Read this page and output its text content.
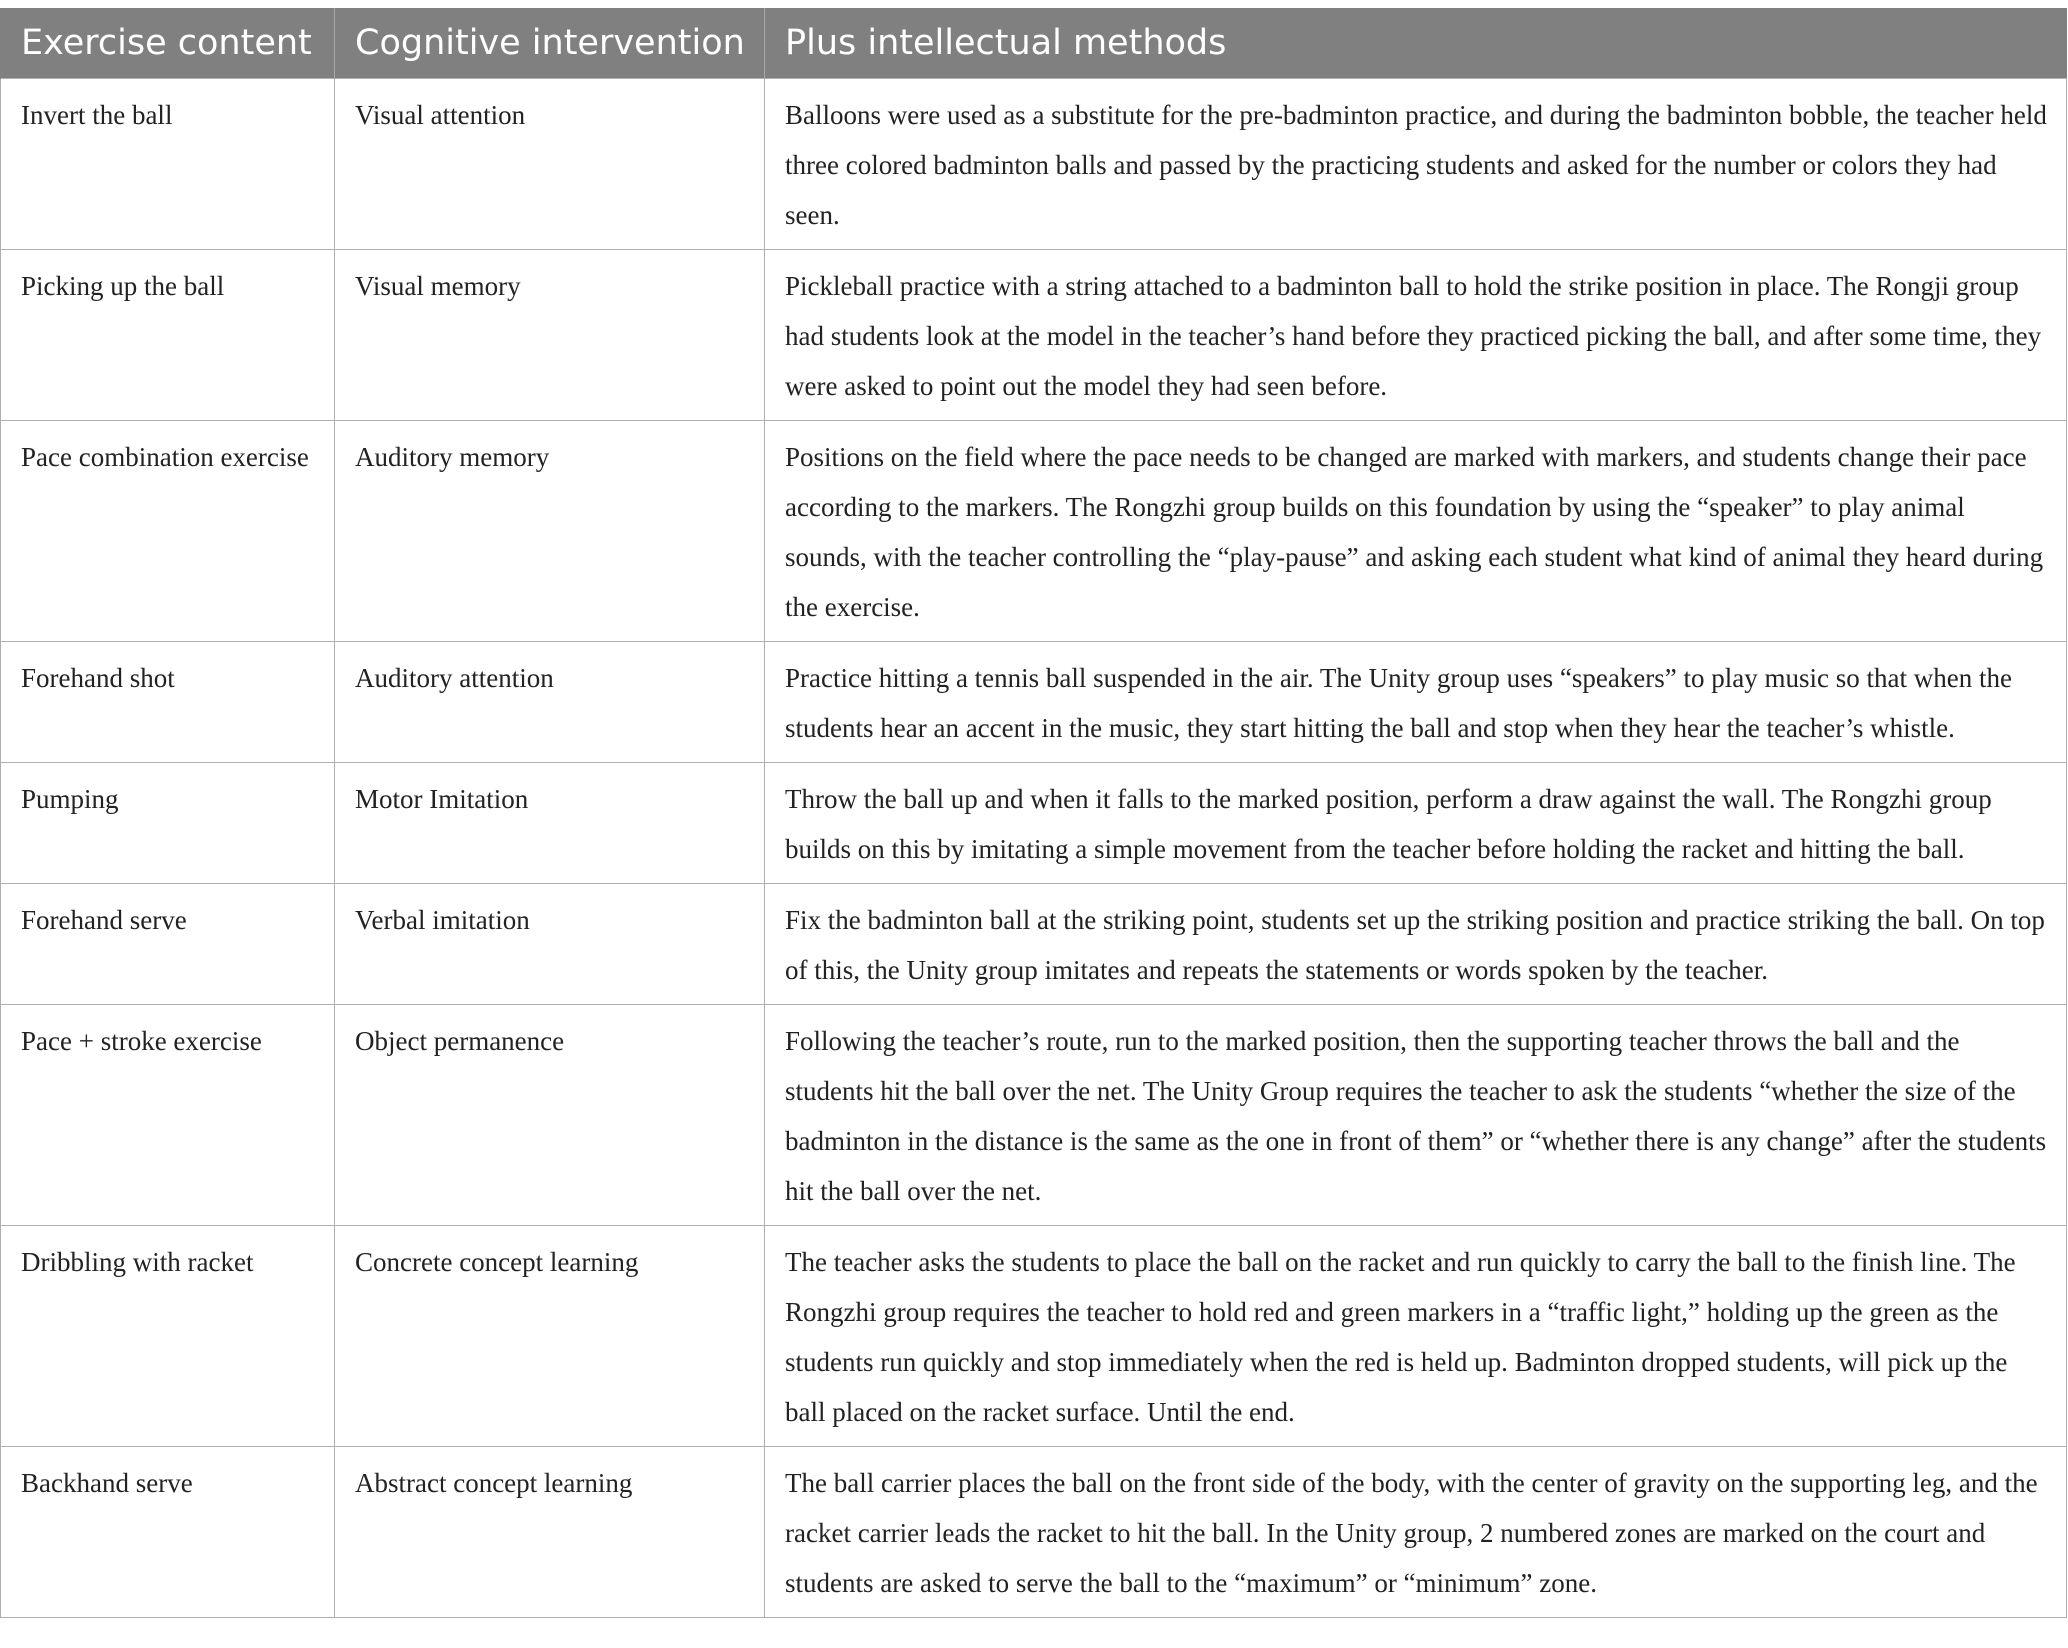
Exercise content	Cognitive intervention	Plus intellectual methods
Invert the ball	Visual attention	Balloons were used as a substitute for the pre-badminton practice, and during the badminton bobble, the teacher held three colored badminton balls and passed by the practicing students and asked for the number or colors they had seen.
Picking up the ball	Visual memory	Pickleball practice with a string attached to a badminton ball to hold the strike position in place. The Rongji group had students look at the model in the teacher’s hand before they practiced picking the ball, and after some time, they were asked to point out the model they had seen before.
Pace combination exercise	Auditory memory	Positions on the field where the pace needs to be changed are marked with markers, and students change their pace according to the markers. The Rongzhi group builds on this foundation by using the “speaker” to play animal sounds, with the teacher controlling the “play-pause” and asking each student what kind of animal they heard during the exercise.
Forehand shot	Auditory attention	Practice hitting a tennis ball suspended in the air. The Unity group uses “speakers” to play music so that when the students hear an accent in the music, they start hitting the ball and stop when they hear the teacher’s whistle.
Pumping	Motor Imitation	Throw the ball up and when it falls to the marked position, perform a draw against the wall. The Rongzhi group builds on this by imitating a simple movement from the teacher before holding the racket and hitting the ball.
Forehand serve	Verbal imitation	Fix the badminton ball at the striking point, students set up the striking position and practice striking the ball. On top of this, the Unity group imitates and repeats the statements or words spoken by the teacher.
Pace + stroke exercise	Object permanence	Following the teacher’s route, run to the marked position, then the supporting teacher throws the ball and the students hit the ball over the net. The Unity Group requires the teacher to ask the students “whether the size of the badminton in the distance is the same as the one in front of them” or “whether there is any change” after the students hit the ball over the net.
Dribbling with racket	Concrete concept learning	The teacher asks the students to place the ball on the racket and run quickly to carry the ball to the finish line. The Rongzhi group requires the teacher to hold red and green markers in a “traffic light,” holding up the green as the students run quickly and stop immediately when the red is held up. Badminton dropped students, will pick up the ball placed on the racket surface. Until the end.
Backhand serve	Abstract concept learning	The ball carrier places the ball on the front side of the body, with the center of gravity on the supporting leg, and the racket carrier leads the racket to hit the ball. In the Unity group, 2 numbered zones are marked on the court and students are asked to serve the ball to the “maximum” or “minimum” zone.
